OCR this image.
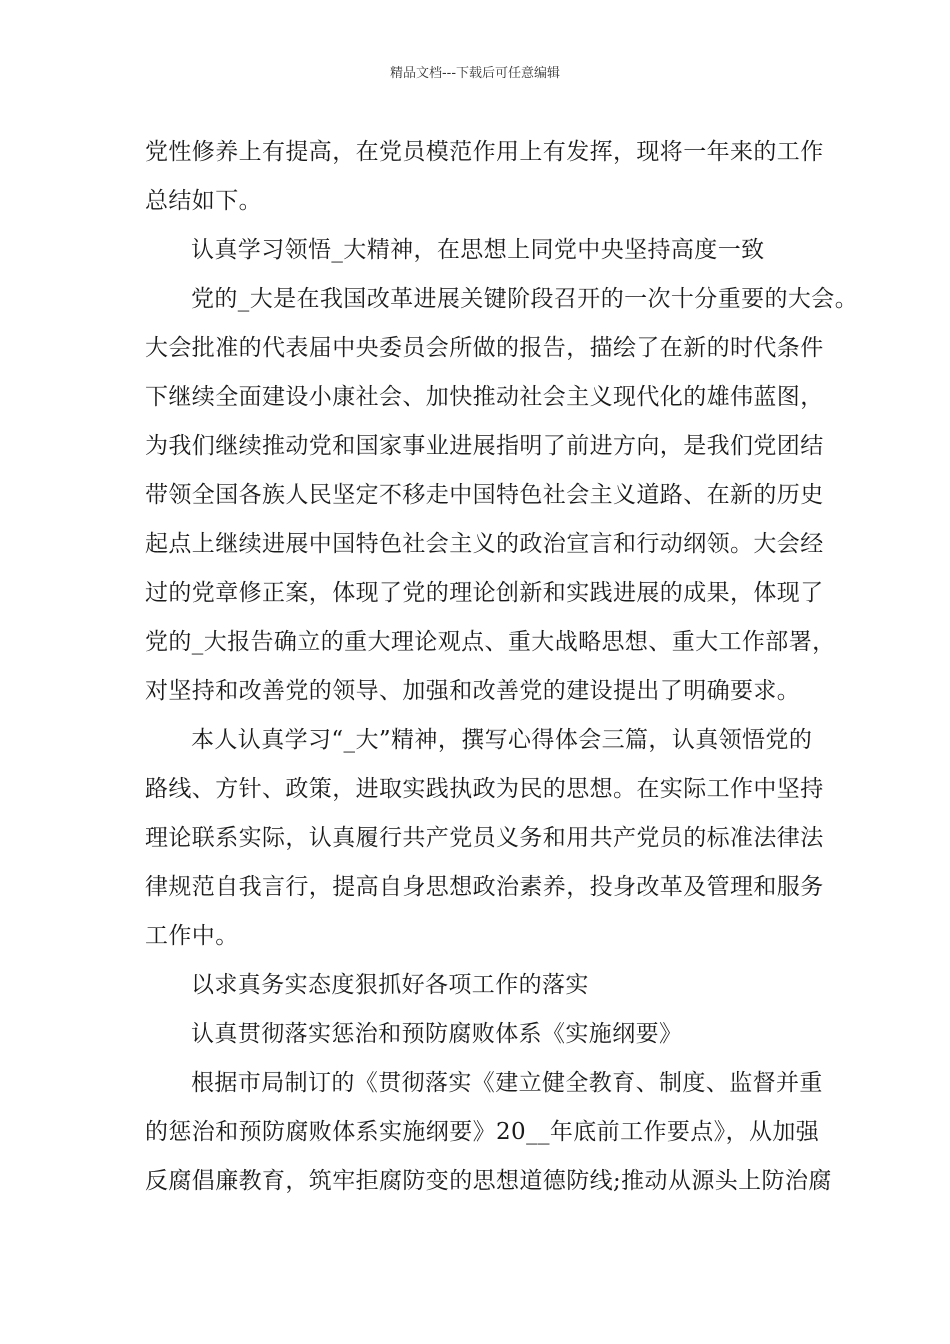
精品文档---下载后可任意编辑

党性修养上有提高，在党员模范作用上有发挥，现将一年来的工作
总结如下。

认真学习领悟_大精神，在思想上同党中央坚持高度一致

党的_大是在我国改革进展关键阶段召开的一次十分重要的大会。
大会批准的代表届中央委员会所做的报告，描绘了在新的时代条件
下继续全面建设小康社会、加快推动社会主义现代化的雄伟蓝图，
为我们继续推动党和国家事业进展指明了前进方向，是我们党团结
带领全国各族人民坚定不移走中国特色社会主义道路、在新的历史
起点上继续进展中国特色社会主义的政治宣言和行动纲领。大会经
过的党章修正案，体现了党的理论创新和实践进展的成果，体现了
党的_大报告确立的重大理论观点、重大战略思想、重大工作部署，
对坚持和改善党的领导、加强和改善党的建设提出了明确要求。

本人认真学习“_大”精神，撰写心得体会三篇，认真领悟党的
路线、方针、政策，进取实践执政为民的思想。在实际工作中坚持
理论联系实际，认真履行共产党员义务和用共产党员的标准法律法
律规范自我言行，提高自身思想政治素养，投身改革及管理和服务
工作中。

以求真务实态度狠抓好各项工作的落实

认真贯彻落实惩治和预防腐败体系《实施纲要》

根据市局制订的《贯彻落实《建立健全教育、制度、监督并重
的惩治和预防腐败体系实施纲要》20__年底前工作要点》，从加强
反腐倡廉教育，筑牢拒腐防变的思想道德防线;推动从源头上防治腐
